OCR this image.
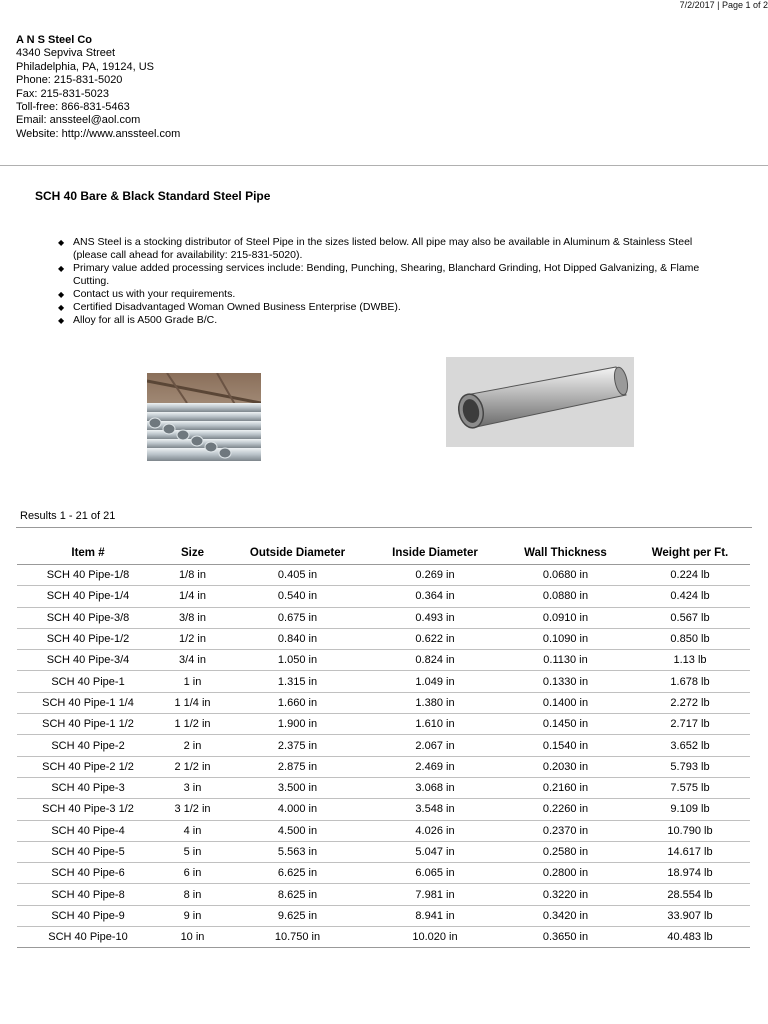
7/2/2017 | Page 1 of 2
A N S Steel Co
4340 Sepviva Street
Philadelphia, PA, 19124, US
Phone: 215-831-5020
Fax: 215-831-5023
Toll-free: 866-831-5463
Email: anssteel@aol.com
Website: http://www.anssteel.com
SCH 40 Bare & Black Standard Steel Pipe
◆ ANS Steel is a stocking distributor of Steel Pipe in the sizes listed below. All pipe may also be available in Aluminum & Stainless Steel (please call ahead for availability: 215-831-5020).
◆ Primary value added processing services include: Bending, Punching, Shearing, Blanchard Grinding, Hot Dipped Galvanizing, & Flame Cutting.
◆ Contact us with your requirements.
◆ Certified Disadvantaged Woman Owned Business Enterprise (DWBE).
◆ Alloy for all is A500 Grade B/C.
Results 1 - 21 of 21
Item #	Size	Outside Diameter	Inside Diameter	Wall Thickness	Weight per Ft.
SCH 40 Pipe-1/8	1/8 in	0.405 in	0.269 in	0.0680 in	0.224 lb
SCH 40 Pipe-1/4	1/4 in	0.540 in	0.364 in	0.0880 in	0.424 lb
SCH 40 Pipe-3/8	3/8 in	0.675 in	0.493 in	0.0910 in	0.567 lb
SCH 40 Pipe-1/2	1/2 in	0.840 in	0.622 in	0.1090 in	0.850 lb
SCH 40 Pipe-3/4	3/4 in	1.050 in	0.824 in	0.1130 in	1.13 lb
SCH 40 Pipe-1	1 in	1.315 in	1.049 in	0.1330 in	1.678 lb
SCH 40 Pipe-1 1/4	1 1/4 in	1.660 in	1.380 in	0.1400 in	2.272 lb
SCH 40 Pipe-1 1/2	1 1/2 in	1.900 in	1.610 in	0.1450 in	2.717 lb
SCH 40 Pipe-2	2 in	2.375 in	2.067 in	0.1540 in	3.652 lb
SCH 40 Pipe-2 1/2	2 1/2 in	2.875 in	2.469 in	0.2030 in	5.793 lb
SCH 40 Pipe-3	3 in	3.500 in	3.068 in	0.2160 in	7.575 lb
SCH 40 Pipe-3 1/2	3 1/2 in	4.000 in	3.548 in	0.2260 in	9.109 lb
SCH 40 Pipe-4	4 in	4.500 in	4.026 in	0.2370 in	10.790 lb
SCH 40 Pipe-5	5 in	5.563 in	5.047 in	0.2580 in	14.617 lb
SCH 40 Pipe-6	6 in	6.625 in	6.065 in	0.2800 in	18.974 lb
SCH 40 Pipe-8	8 in	8.625 in	7.981 in	0.3220 in	28.554 lb
SCH 40 Pipe-9	9 in	9.625 in	8.941 in	0.3420 in	33.907 lb
SCH 40 Pipe-10	10 in	10.750 in	10.020 in	0.3650 in	40.483 lb
